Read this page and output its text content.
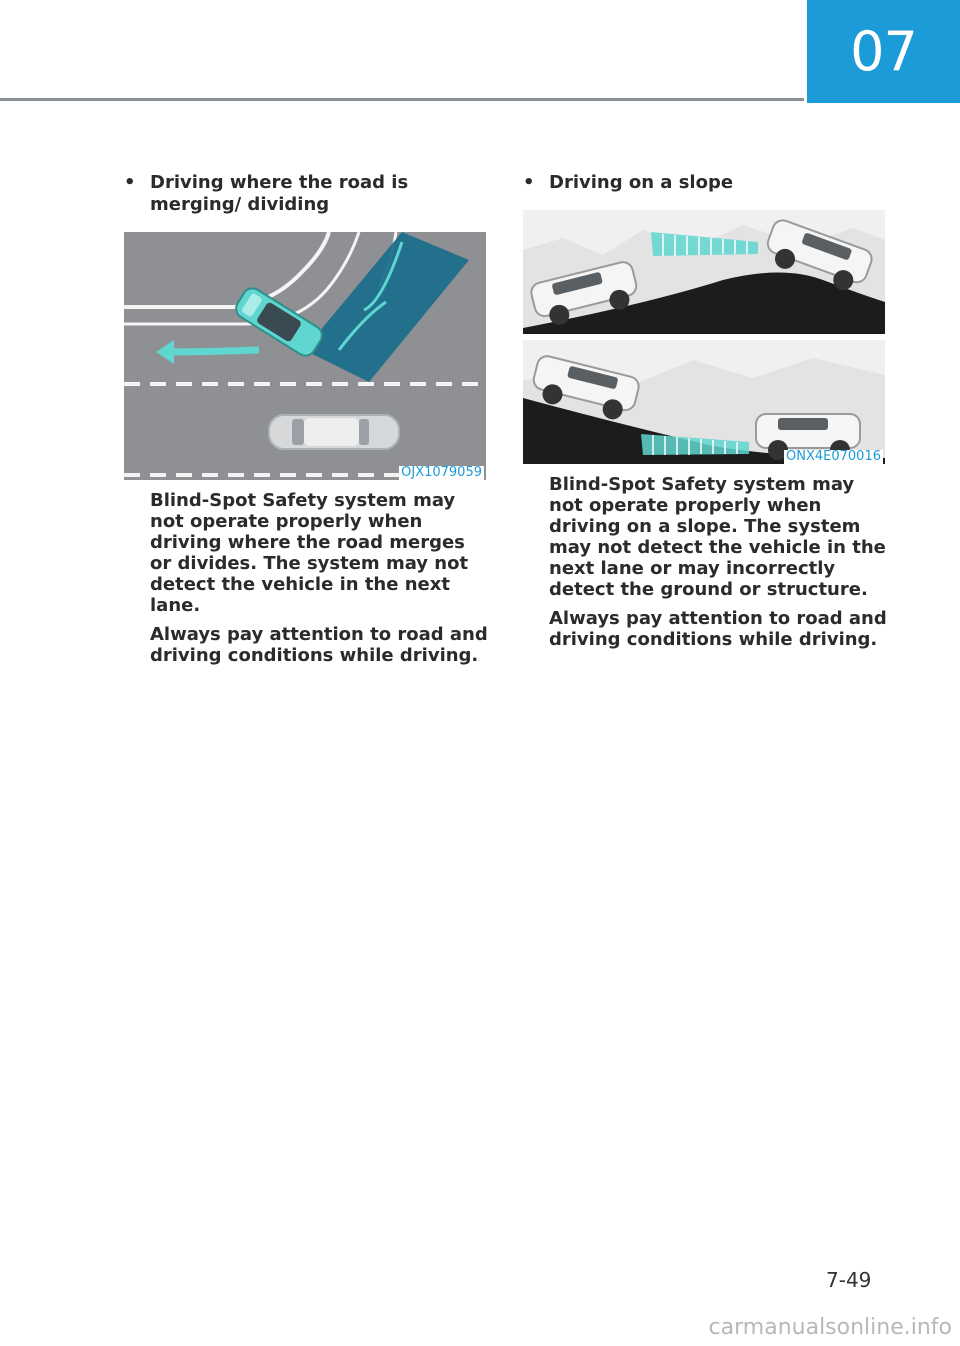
07
• Driving where the road is merging/ dividing
OJX1079059

Blind-Spot Safety system may not operate properly when driving where the road merges or divides. The system may not detect the vehicle in the next lane.

Always pay attention to road and driving conditions while driving.

• Driving on a slope
ONX4E070016

Blind-Spot Safety system may not operate properly when driving on a slope. The system may not detect the vehicle in the next lane or may incorrectly detect the ground or structure.

Always pay attention to road and driving conditions while driving.

7-49
carmanualsonline.info
